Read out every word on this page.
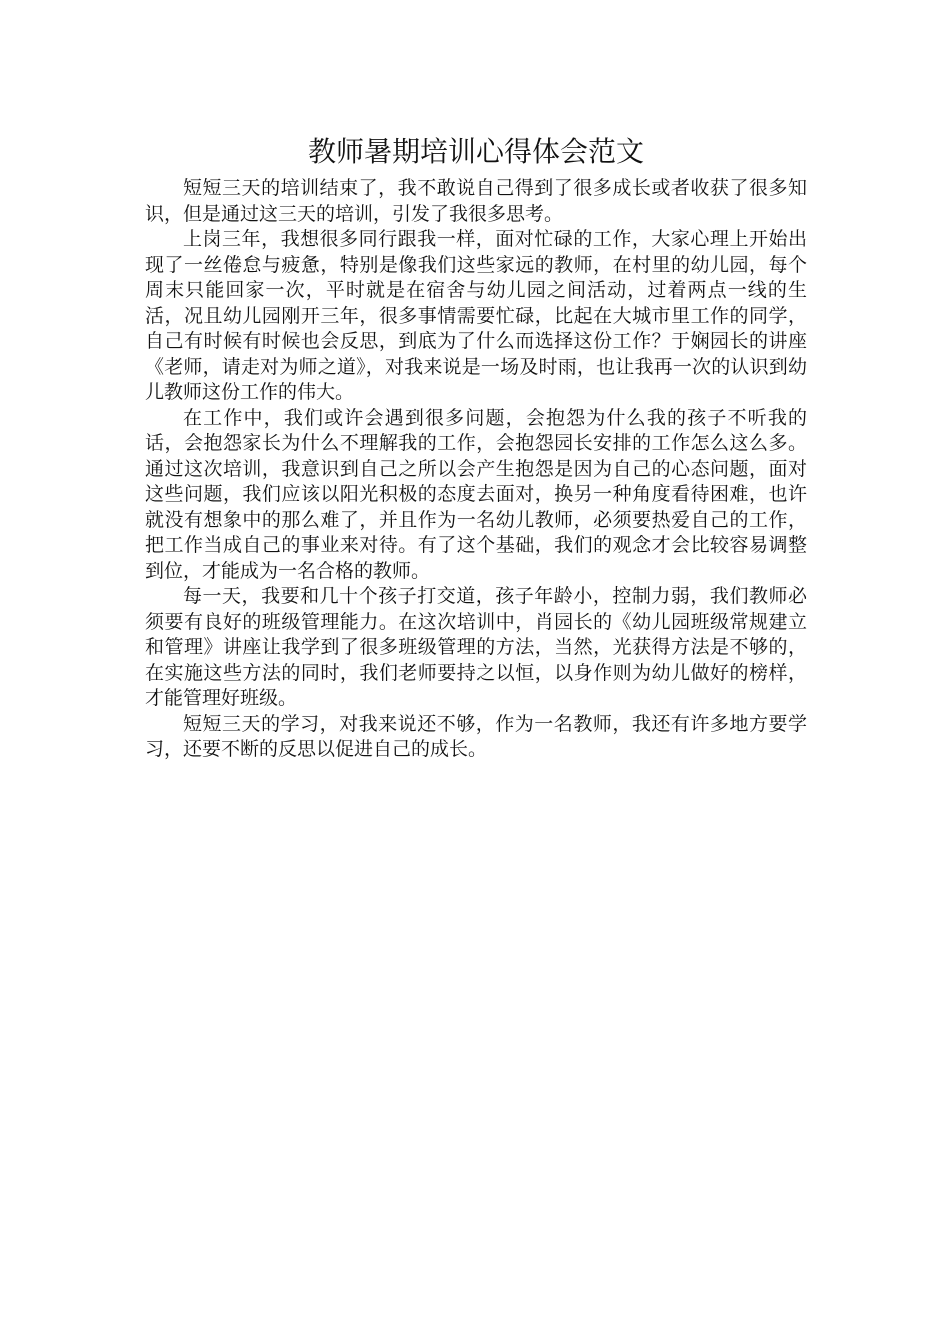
教师暑期培训心得体会范文

短短三天的培训结束了，我不敢说自己得到了很多成长或者收获了很多知识，但是通过这三天的培训，引发了我很多思考。

上岗三年，我想很多同行跟我一样，面对忙碌的工作，大家心理上开始出现了一丝倦怠与疲惫，特别是像我们这些家远的教师，在村里的幼儿园，每个周末只能回家一次，平时就是在宿舍与幼儿园之间活动，过着两点一线的生活，况且幼儿园刚开三年，很多事情需要忙碌，比起在大城市里工作的同学，自己有时候有时候也会反思，到底为了什么而选择这份工作？于娴园长的讲座《老师，请走对为师之道》，对我来说是一场及时雨，也让我再一次的认识到幼儿教师这份工作的伟大。

在工作中，我们或许会遇到很多问题，会抱怨为什么我的孩子不听我的话，会抱怨家长为什么不理解我的工作，会抱怨园长安排的工作怎么这么多。通过这次培训，我意识到自己之所以会产生抱怨是因为自己的心态问题，面对这些问题，我们应该以阳光积极的态度去面对，换另一种角度看待困难，也许就没有想象中的那么难了，并且作为一名幼儿教师，必须要热爱自己的工作，把工作当成自己的事业来对待。有了这个基础，我们的观念才会比较容易调整到位，才能成为一名合格的教师。

每一天，我要和几十个孩子打交道，孩子年龄小，控制力弱，我们教师必须要有良好的班级管理能力。在这次培训中，肖园长的《幼儿园班级常规建立和管理》讲座让我学到了很多班级管理的方法，当然，光获得方法是不够的，在实施这些方法的同时，我们老师要持之以恒，以身作则为幼儿做好的榜样，才能管理好班级。

短短三天的学习，对我来说还不够，作为一名教师，我还有许多地方要学习，还要不断的反思以促进自己的成长。
